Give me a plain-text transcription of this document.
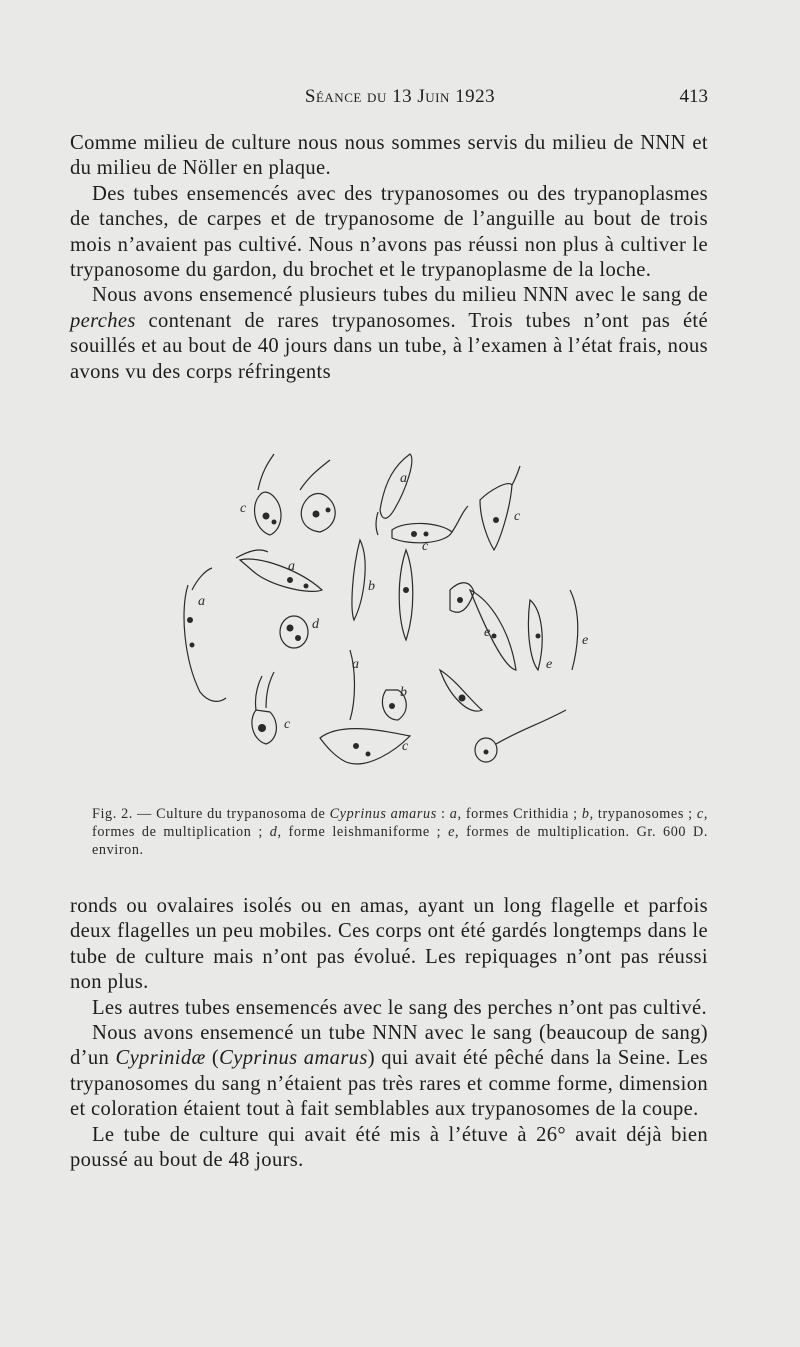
Séance du 13 Juin 1923	413

Comme milieu de culture nous nous sommes servis du milieu de NNN et du milieu de Nöller en plaque.

Des tubes ensemencés avec des trypanosomes ou des trypanoplasmes de tanches, de carpes et de trypanosome de l’anguille au bout de trois mois n’avaient pas cultivé. Nous n’avons pas réussi non plus à cultiver le trypanosome du gardon, du brochet et le trypanoplasme de la loche.

Nous avons ensemencé plusieurs tubes du milieu NNN avec le sang de perches contenant de rares trypanosomes. Trois tubes n’ont pas été souillés et au bout de 40 jours dans un tube, à l’examen à l’état frais, nous avons vu des corps réfringents

a
a
a
a
b
b
c
c
c
c
c
d
e
e
e
Fig. 2. — Culture du trypanosoma de Cyprinus amarus : a, formes Crithidia ; b, trypanosomes ; c, formes de multiplication ; d, forme leishmaniforme ; e, formes de multiplication. Gr. 600 D. environ.

ronds ou ovalaires isolés ou en amas, ayant un long flagelle et parfois deux flagelles un peu mobiles. Ces corps ont été gardés longtemps dans le tube de culture mais n’ont pas évolué. Les repiquages n’ont pas réussi non plus.

Les autres tubes ensemencés avec le sang des perches n’ont pas cultivé.

Nous avons ensemencé un tube NNN avec le sang (beaucoup de sang) d’un Cyprinidæ (Cyprinus amarus) qui avait été pêché dans la Seine. Les trypanosomes du sang n’étaient pas très rares et comme forme, dimension et coloration étaient tout à fait semblables aux trypanosomes de la coupe.

Le tube de culture qui avait été mis à l’étuve à 26° avait déjà bien poussé au bout de 48 jours.
